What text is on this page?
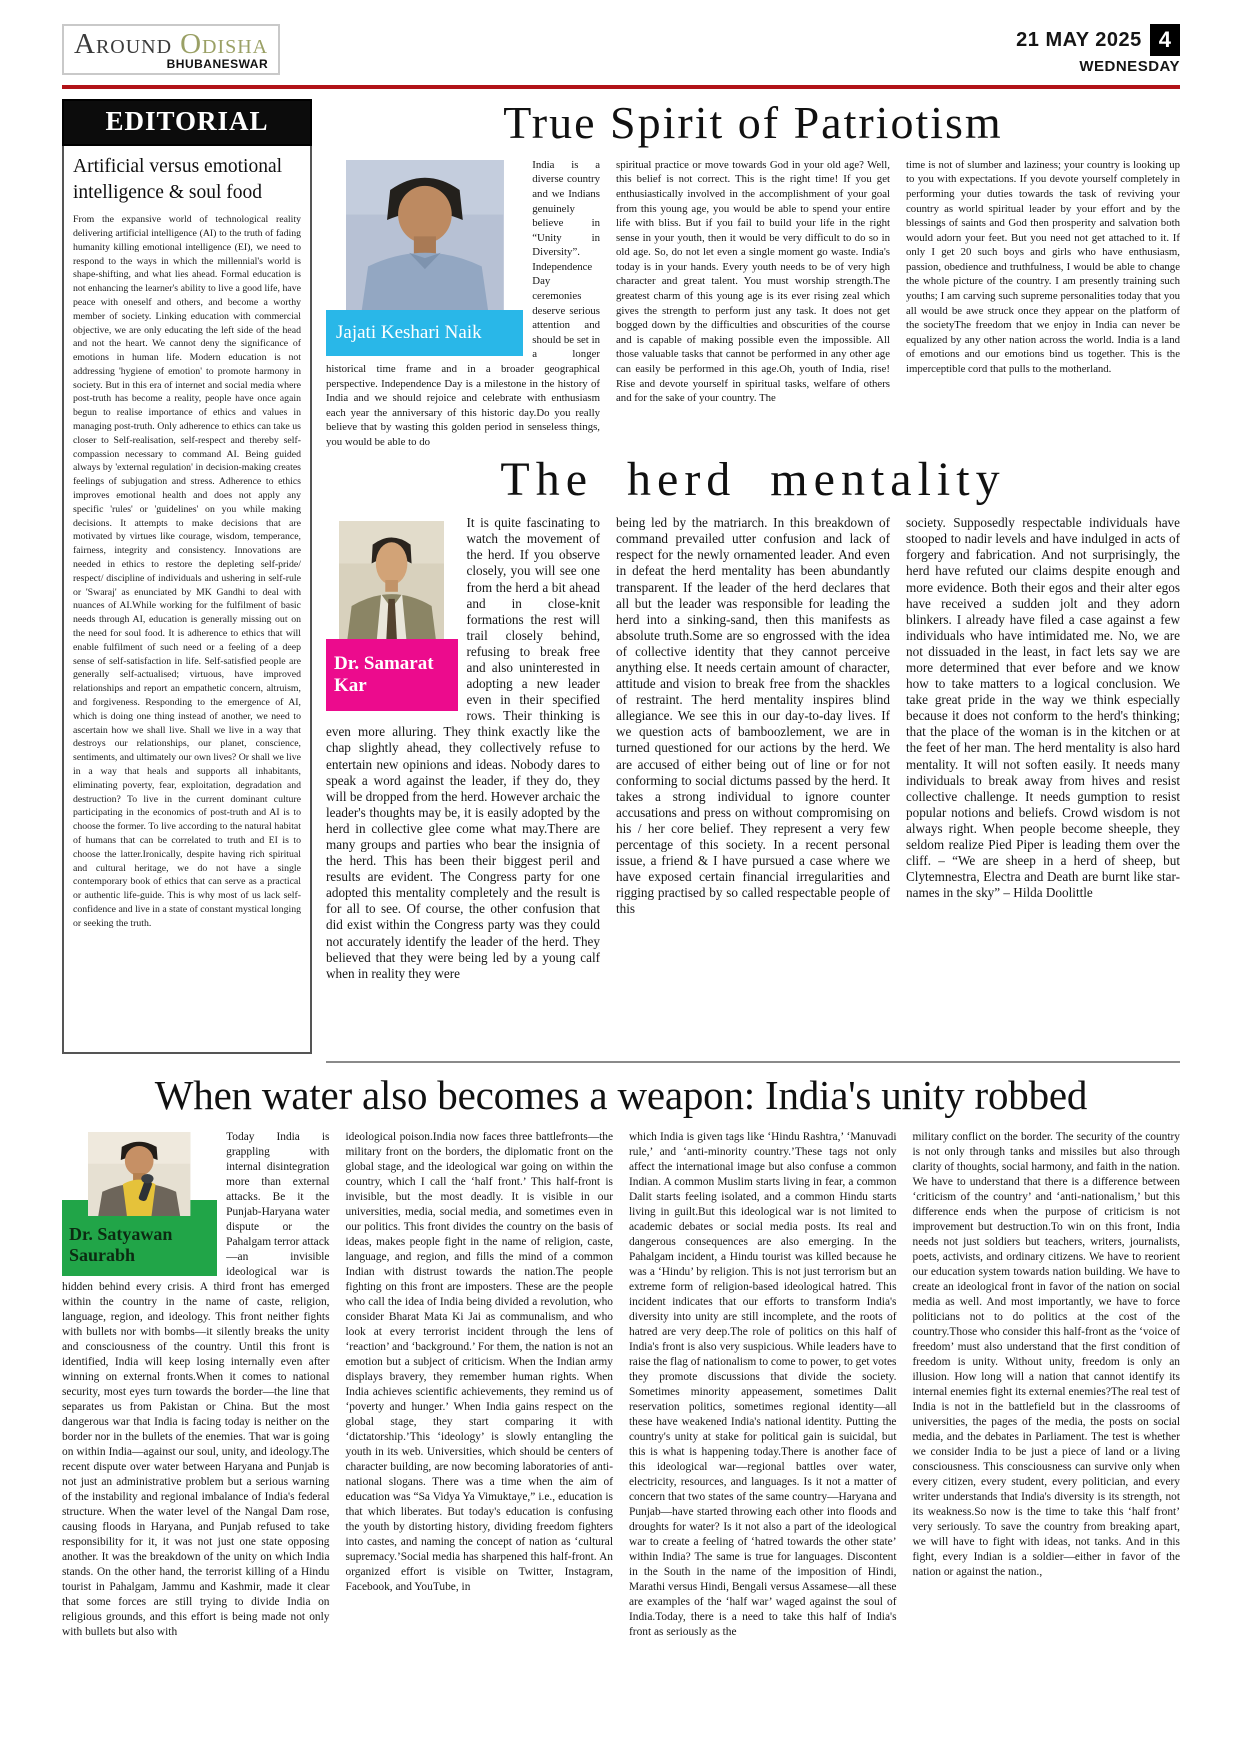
Around Odisha
BHUBANESWAR
21 MAY 2025 4
WEDNESDAY
EDITORIAL
Artificial versus emotional intelligence & soul food

From the expansive world of technological reality delivering artificial intelligence (AI) to the truth of fading humanity killing emotional intelligence (EI), we need to respond to the ways in which the millennial's world is shape-shifting, and what lies ahead. Formal education is not enhancing the learner's ability to live a good life, have peace with oneself and others, and become a worthy member of society. Linking education with commercial objective, we are only educating the left side of the head and not the heart. We cannot deny the significance of emotions in human life. Modern education is not addressing 'hygiene of emotion' to promote harmony in society. But in this era of internet and social media where post-truth has become a reality, people have once again begun to realise importance of ethics and values in managing post-truth. Only adherence to ethics can take us closer to Self-realisation, self-respect and thereby self-compassion necessary to command AI. Being guided always by 'external regulation' in decision-making creates feelings of subjugation and stress. Adherence to ethics improves emotional health and does not apply any specific 'rules' or 'guidelines' on you while making decisions. It attempts to make decisions that are motivated by virtues like courage, wisdom, temperance, fairness, integrity and consistency. Innovations are needed in ethics to restore the depleting self-pride/ respect/ discipline of individuals and ushering in self-rule or 'Swaraj' as enunciated by MK Gandhi to deal with nuances of AI.While working for the fulfilment of basic needs through AI, education is generally missing out on the need for soul food. It is adherence to ethics that will enable fulfilment of such need or a feeling of a deep sense of self-satisfaction in life. Self-satisfied people are generally self-actualised; virtuous, have improved relationships and report an empathetic concern, altruism, and forgiveness. Responding to the emergence of AI, which is doing one thing instead of another, we need to ascertain how we shall live. Shall we live in a way that destroys our relationships, our planet, conscience, sentiments, and ultimately our own lives? Or shall we live in a way that heals and supports all inhabitants, eliminating poverty, fear, exploitation, degradation and destruction? To live in the current dominant culture participating in the economics of post-truth and AI is to choose the former. To live according to the natural habitat of humans that can be correlated to truth and EI is to choose the latter.Ironically, despite having rich spiritual and cultural heritage, we do not have a single contemporary book of ethics that can serve as a practical or authentic life-guide. This is why most of us lack self-confidence and live in a state of constant mystical longing or seeking the truth.

True Spirit of Patriotism
Jajati Keshari Naik

India is a diverse country and we Indians genuinely believe in “Unity in Diversity”. Independence Day ceremonies deserve serious attention and should be set in a longer historical time frame and in a broader geographical perspective. Independence Day is a milestone in the history of India and we should rejoice and celebrate with enthusiasm each year the anniversary of this historic day.Do you really believe that by wasting this golden period in senseless things, you would be able to do

spiritual practice or move towards God in your old age? Well, this belief is not correct. This is the right time! If you get enthusiastically involved in the accomplishment of your goal from this young age, you would be able to spend your entire life with bliss. But if you fail to build your life in the right sense in your youth, then it would be very difficult to do so in old age. So, do not let even a single moment go waste. India's today is in your hands. Every youth needs to be of very high character and great talent. You must worship strength.The greatest charm of this young age is its ever rising zeal which gives the strength to perform just any task. It does not get bogged down by the difficulties and obscurities of the course and is capable of making possible even the impossible. All those valuable tasks that cannot be performed in any other age can easily be performed in this age.Oh, youth of India, rise! Rise and devote yourself in spiritual tasks, welfare of others and for the sake of your country. The

time is not of slumber and laziness; your country is looking up to you with expectations. If you devote yourself completely in performing your duties towards the task of reviving your country as world spiritual leader by your effort and by the blessings of saints and God then prosperity and salvation both would adorn your feet. But you need not get attached to it. If only I get 20 such boys and girls who have enthusiasm, passion, obedience and truthfulness, I would be able to change the whole picture of the country. I am presently training such youths; I am carving such supreme personalities today that you all would be awe struck once they appear on the platform of the societyThe freedom that we enjoy in India can never be equalized by any other nation across the world. India is a land of emotions and our emotions bind us together. This is the imperceptible cord that pulls to the motherland.

The herd mentality
Dr. Samarat Kar

It is quite fascinating to watch the movement of the herd. If you observe closely, you will see one from the herd a bit ahead and in close-knit formations the rest will trail closely behind, refusing to break free and also uninterested in adopting a new leader even in their specified rows. Their thinking is even more alluring. They think exactly like the chap slightly ahead, they collectively refuse to entertain new opinions and ideas. Nobody dares to speak a word against the leader, if they do, they will be dropped from the herd. However archaic the leader's thoughts may be, it is easily adopted by the herd in collective glee come what may.There are many groups and parties who bear the insignia of the herd. This has been their biggest peril and results are evident. The Congress party for one adopted this mentality completely and the result is for all to see. Of course, the other confusion that did exist within the Congress party was they could not accurately identify the leader of the herd. They believed that they were being led by a young calf when in reality they were

being led by the matriarch. In this breakdown of command prevailed utter confusion and lack of respect for the newly ornamented leader. And even in defeat the herd mentality has been abundantly transparent. If the leader of the herd declares that all but the leader was responsible for leading the herd into a sinking-sand, then this manifests as absolute truth.Some are so engrossed with the idea of collective identity that they cannot perceive anything else. It needs certain amount of character, attitude and vision to break free from the shackles of restraint. The herd mentality inspires blind allegiance. We see this in our day-to-day lives. If we question acts of bamboozlement, we are in turned questioned for our actions by the herd. We are accused of either being out of line or for not conforming to social dictums passed by the herd. It takes a strong individual to ignore counter accusations and press on without compromising on his / her core belief. They represent a very few percentage of this society. In a recent personal issue, a friend & I have pursued a case where we have exposed certain financial irregularities and rigging practised by so called respectable people of this

society. Supposedly respectable individuals have stooped to nadir levels and have indulged in acts of forgery and fabrication. And not surprisingly, the herd have refuted our claims despite enough and more evidence. Both their egos and their alter egos have received a sudden jolt and they adorn blinkers. I already have filed a case against a few individuals who have intimidated me. No, we are not dissuaded in the least, in fact lets say we are more determined that ever before and we know how to take matters to a logical conclusion. We take great pride in the way we think especially because it does not conform to the herd's thinking; that the place of the woman is in the kitchen or at the feet of her man. The herd mentality is also hard mentality. It will not soften easily. It needs many individuals to break away from hives and resist collective challenge. It needs gumption to resist popular notions and beliefs. Crowd wisdom is not always right. When people become sheeple, they seldom realize Pied Piper is leading them over the cliff. – “We are sheep in a herd of sheep, but Clytemnestra, Electra and Death are burnt like star-names in the sky” – Hilda Doolittle

When water also becomes a weapon: India's unity robbed
Dr. Satyawan Saurabh

Today India is grappling with internal disintegration more than external attacks. Be it the Punjab-Haryana water dispute or the Pahalgam terror attack—an invisible ideological war is hidden behind every crisis. A third front has emerged within the country in the name of caste, religion, language, region, and ideology. This front neither fights with bullets nor with bombs—it silently breaks the unity and consciousness of the country. Until this front is identified, India will keep losing internally even after winning on external fronts.When it comes to national security, most eyes turn towards the border—the line that separates us from Pakistan or China. But the most dangerous war that India is facing today is neither on the border nor in the bullets of the enemies. That war is going on within India—against our soul, unity, and ideology.The recent dispute over water between Haryana and Punjab is not just an administrative problem but a serious warning of the instability and regional imbalance of India's federal structure. When the water level of the Nangal Dam rose, causing floods in Haryana, and Punjab refused to take responsibility for it, it was not just one state opposing another. It was the breakdown of the unity on which India stands. On the other hand, the terrorist killing of a Hindu tourist in Pahalgam, Jammu and Kashmir, made it clear that some forces are still trying to divide India on religious grounds, and this effort is being made not only with bullets but also with

ideological poison.India now faces three battlefronts—the military front on the borders, the diplomatic front on the global stage, and the ideological war going on within the country, which I call the ‘half front.’ This half-front is invisible, but the most deadly. It is visible in our universities, media, social media, and sometimes even in our politics. This front divides the country on the basis of ideas, makes people fight in the name of religion, caste, language, and region, and fills the mind of a common Indian with distrust towards the nation.The people fighting on this front are imposters. These are the people who call the idea of India being divided a revolution, who consider Bharat Mata Ki Jai as communalism, and who look at every terrorist incident through the lens of ‘reaction’ and ‘background.’ For them, the nation is not an emotion but a subject of criticism. When the Indian army displays bravery, they remember human rights. When India achieves scientific achievements, they remind us of ‘poverty and hunger.’ When India gains respect on the global stage, they start comparing it with ‘dictatorship.’This ‘ideology’ is slowly entangling the youth in its web. Universities, which should be centers of character building, are now becoming laboratories of anti-national slogans. There was a time when the aim of education was “Sa Vidya Ya Vimuktaye,” i.e., education is that which liberates. But today's education is confusing the youth by distorting history, dividing freedom fighters into castes, and naming the concept of nation as ‘cultural supremacy.’Social media has sharpened this half-front. An organized effort is visible on Twitter, Instagram, Facebook, and YouTube, in

which India is given tags like ‘Hindu Rashtra,’ ‘Manuvadi rule,’ and ‘anti-minority country.’These tags not only affect the international image but also confuse a common Indian. A common Muslim starts living in fear, a common Dalit starts feeling isolated, and a common Hindu starts living in guilt.But this ideological war is not limited to academic debates or social media posts. Its real and dangerous consequences are also emerging. In the Pahalgam incident, a Hindu tourist was killed because he was a ‘Hindu’ by religion. This is not just terrorism but an extreme form of religion-based ideological hatred. This incident indicates that our efforts to transform India's diversity into unity are still incomplete, and the roots of hatred are very deep.The role of politics on this half of India's front is also very suspicious. While leaders have to raise the flag of nationalism to come to power, to get votes they promote discussions that divide the society. Sometimes minority appeasement, sometimes Dalit reservation politics, sometimes regional identity—all these have weakened India's national identity. Putting the country's unity at stake for political gain is suicidal, but this is what is happening today.There is another face of this ideological war—regional battles over water, electricity, resources, and languages. Is it not a matter of concern that two states of the same country—Haryana and Punjab—have started throwing each other into floods and droughts for water? Is it not also a part of the ideological war to create a feeling of ‘hatred towards the other state’ within India? The same is true for languages. Discontent in the South in the name of the imposition of Hindi, Marathi versus Hindi, Bengali versus Assamese—all these are examples of the ‘half war’ waged against the soul of India.Today, there is a need to take this half of India's front as seriously as the

military conflict on the border. The security of the country is not only through tanks and missiles but also through clarity of thoughts, social harmony, and faith in the nation. We have to understand that there is a difference between ‘criticism of the country’ and ‘anti-nationalism,’ but this difference ends when the purpose of criticism is not improvement but destruction.To win on this front, India needs not just soldiers but teachers, writers, journalists, poets, activists, and ordinary citizens. We have to reorient our education system towards nation building. We have to create an ideological front in favor of the nation on social media as well. And most importantly, we have to force politicians not to do politics at the cost of the country.Those who consider this half-front as the ‘voice of freedom’ must also understand that the first condition of freedom is unity. Without unity, freedom is only an illusion. How long will a nation that cannot identify its internal enemies fight its external enemies?The real test of India is not in the battlefield but in the classrooms of universities, the pages of the media, the posts on social media, and the debates in Parliament. The test is whether we consider India to be just a piece of land or a living consciousness. This consciousness can survive only when every citizen, every student, every politician, and every writer understands that India's diversity is its strength, not its weakness.So now is the time to take this ‘half front’ very seriously. To save the country from breaking apart, we will have to fight with ideas, not tanks. And in this fight, every Indian is a soldier—either in favor of the nation or against the nation.,
